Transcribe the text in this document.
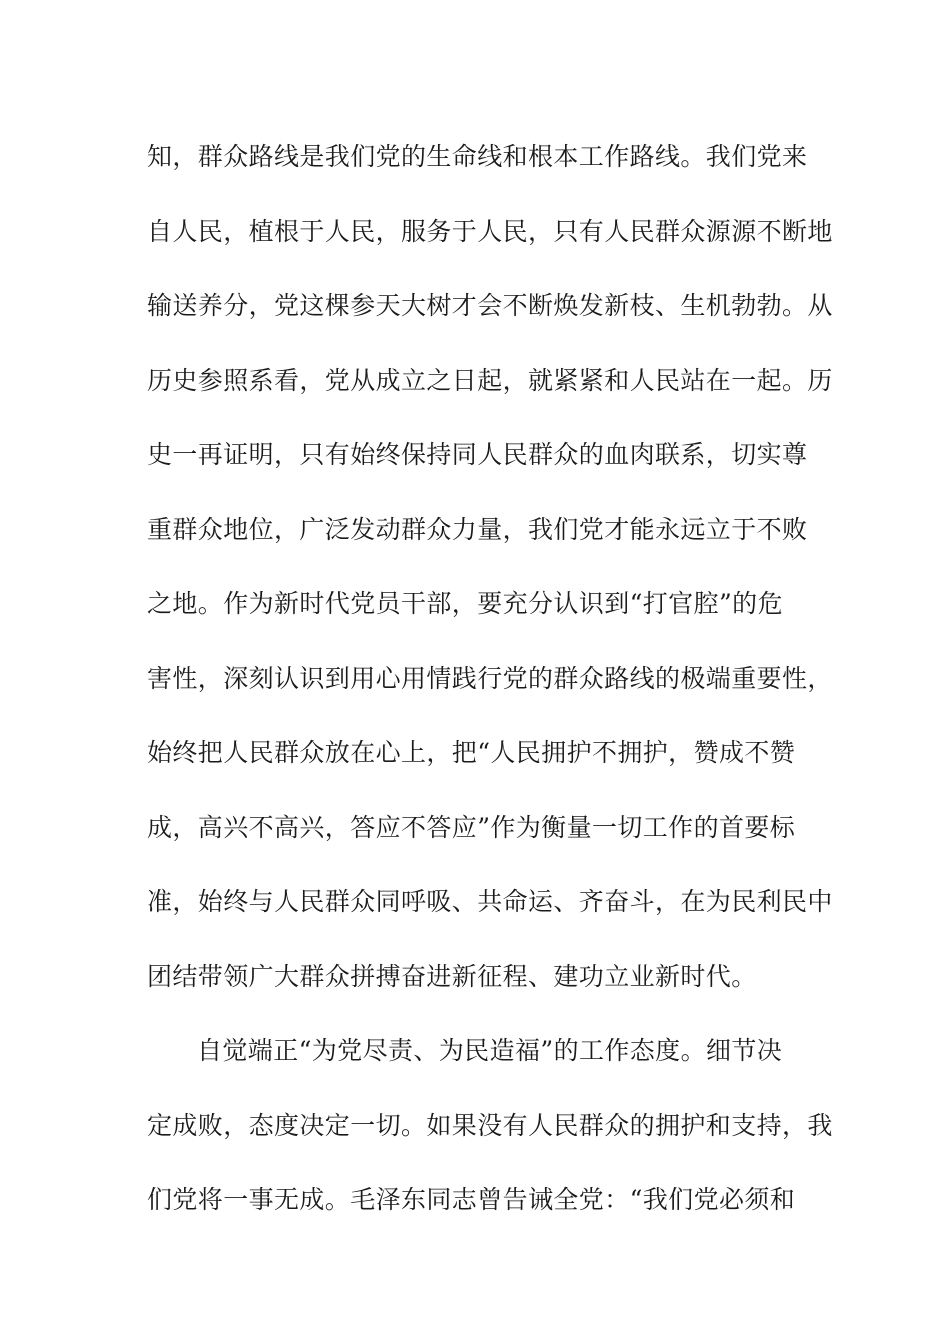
知，群众路线是我们党的生命线和根本工作路线。我们党来
自人民，植根于人民，服务于人民，只有人民群众源源不断地
输送养分，党这棵参天大树才会不断焕发新枝、生机勃勃。从
历史参照系看，党从成立之日起，就紧紧和人民站在一起。历
史一再证明，只有始终保持同人民群众的血肉联系，切实尊
重群众地位，广泛发动群众力量，我们党才能永远立于不败
之地。作为新时代党员干部，要充分认识到“打官腔”的危
害性，深刻认识到用心用情践行党的群众路线的极端重要性，
始终把人民群众放在心上，把“人民拥护不拥护，赞成不赞
成，高兴不高兴，答应不答应”作为衡量一切工作的首要标
准，始终与人民群众同呼吸、共命运、齐奋斗，在为民利民中
团结带领广大群众拼搏奋进新征程、建功立业新时代。
自觉端正“为党尽责、为民造福”的工作态度。细节决
定成败，态度决定一切。如果没有人民群众的拥护和支持，我
们党将一事无成。毛泽东同志曾告诫全党：“我们党必须和
